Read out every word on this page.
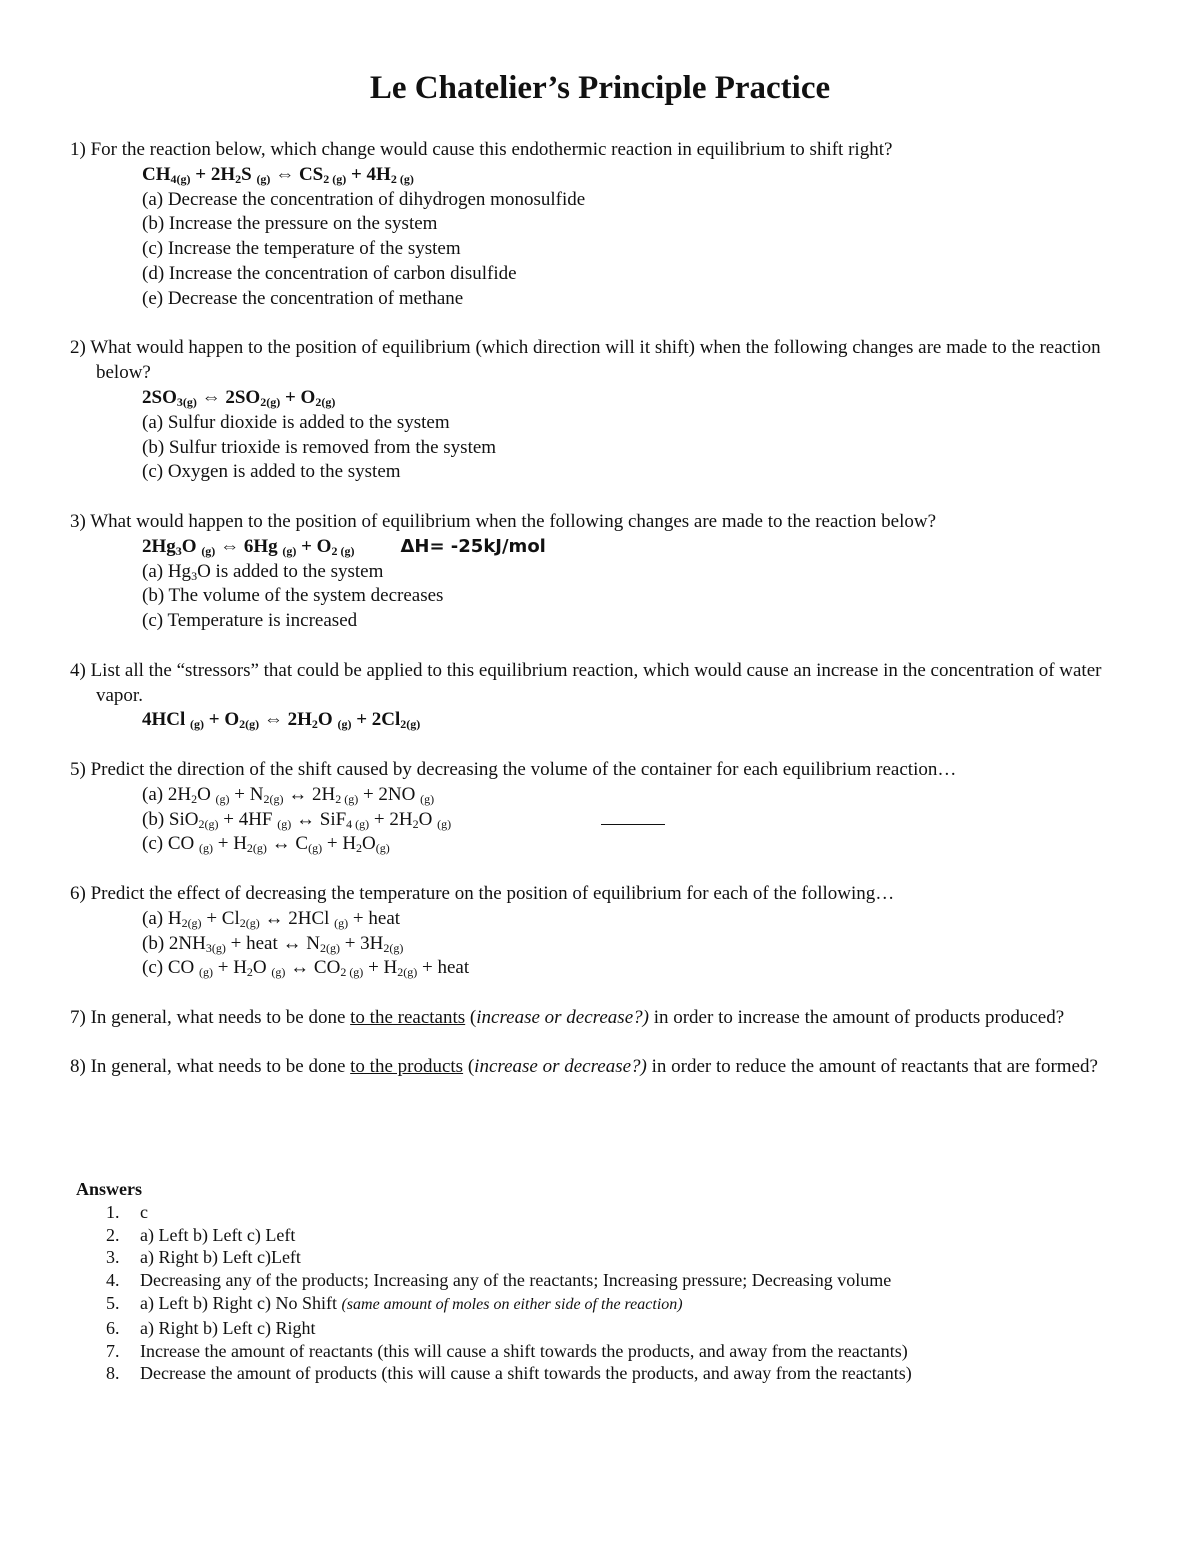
Le Chatelier’s Principle Practice
1) For the reaction below, which change would cause this endothermic reaction in equilibrium to shift right?
$CH_{4(g)} + 2H_2S$ $_{(g)}$ ⇔ $CS_{2 (g)} + 4H_{2 (g)}$
(a) Decrease the concentration of dihydrogen monosulfide
(b) Increase the pressure on the system
(c) Increase the temperature of the system
(d) Increase the concentration of carbon disulfide
(e) Decrease the concentration of methane
2) What would happen to the position of equilibrium (which direction will it shift) when the following changes are made to the reaction below?
$2SO_{3(g)}$ ⇔ $2SO_{2(g)} + O_{2(g)}$
(a) Sulfur dioxide is added to the system
(b) Sulfur trioxide is removed from the system
(c) Oxygen is added to the system
3) What would happen to the position of equilibrium when the following changes are made to the reaction below?
$2Hg_3O$ $_{(g)}$ ⇔ 6Hg $_{(g)} + O_{2 (g)}$	ΔH= -25kJ/mol
(a) $Hg_3O$ is added to the system
(b) The volume of the system decreases
(c) Temperature is increased
4) List all the “stressors” that could be applied to this equilibrium reaction, which would cause an increase in the concentration of water vapor.
4HCl $_{(g)} + O_{2(g)}$ ⇔ $2H_2O$ $_{(g)} + 2Cl_{2(g)}$
5) Predict the direction of the shift caused by decreasing the volume of the container for each equilibrium reaction…
(a) $2H_2O$ $_{(g)} + N_{2(g)}$ ↔ $2H_{2 (g)} + 2NO$ $_{(g)}$
(b) SiO$_{2(g)}$ + 4HF $_{(g)}$ ↔ $SiF_{4 (g)} + 2H_2O$ $_{(g)}$
(c) CO $_{(g)} + H_{2(g)}$ ↔ $C_{(g)} + H_2O_{(g)}$
6) Predict the effect of decreasing the temperature on the position of equilibrium for each of the following…
(a) $H_{2(g)} + Cl_{2(g)}$ ↔ 2HCl $_{(g)}$ + heat
(b) $2NH_{3(g)}$ + heat ↔ $N_{2(g)} + 3H_{2(g)}$
(c) CO $_{(g)} + H_2O$ $_{(g)}$ ↔ $CO_{2 (g)} + H_{2(g)}$ + heat
7) In general, what needs to be done to the reactants (increase or decrease?) in order to increase the amount of products produced?
8) In general, what needs to be done to the products (increase or decrease?) in order to reduce the amount of reactants that are formed?
Answers
1. c
2. a) Left b) Left c) Left
3. a) Right b) Left c)Left
4. Decreasing any of the products; Increasing any of the reactants; Increasing pressure; Decreasing volume
5. a) Left b) Right c) No Shift (same amount of moles on either side of the reaction)
6. a) Right b) Left c) Right
7. Increase the amount of reactants (this will cause a shift towards the products, and away from the reactants)
8. Decrease the amount of products (this will cause a shift towards the products, and away from the reactants)
